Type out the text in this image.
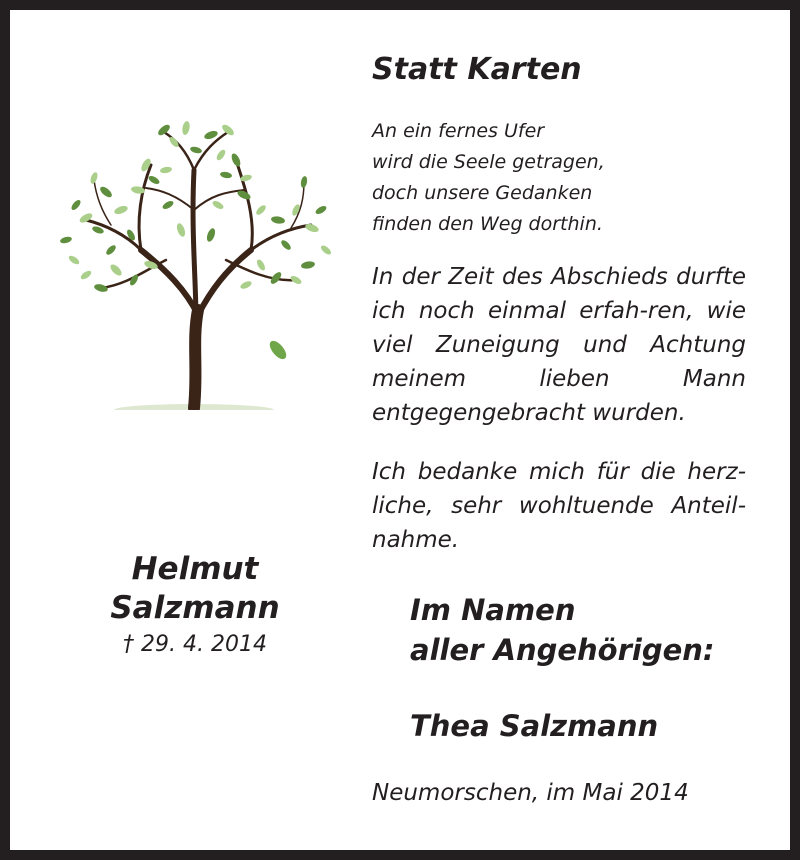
Helmut

Salzmann

† 29. 4. 2014

Statt Karten

An ein fernes Ufer
wird die Seele getragen,
doch unsere Gedanken
finden den Weg dorthin.

In der Zeit des Abschieds durfte ich noch einmal erfah-ren, wie viel Zuneigung und Achtung meinem lieben Mann entgegengebracht wurden.

Ich bedanke mich für die herz-liche, sehr wohltuende Anteil-nahme.

Im Namen

aller Angehörigen:

Thea Salzmann

Neumorschen, im Mai 2014
